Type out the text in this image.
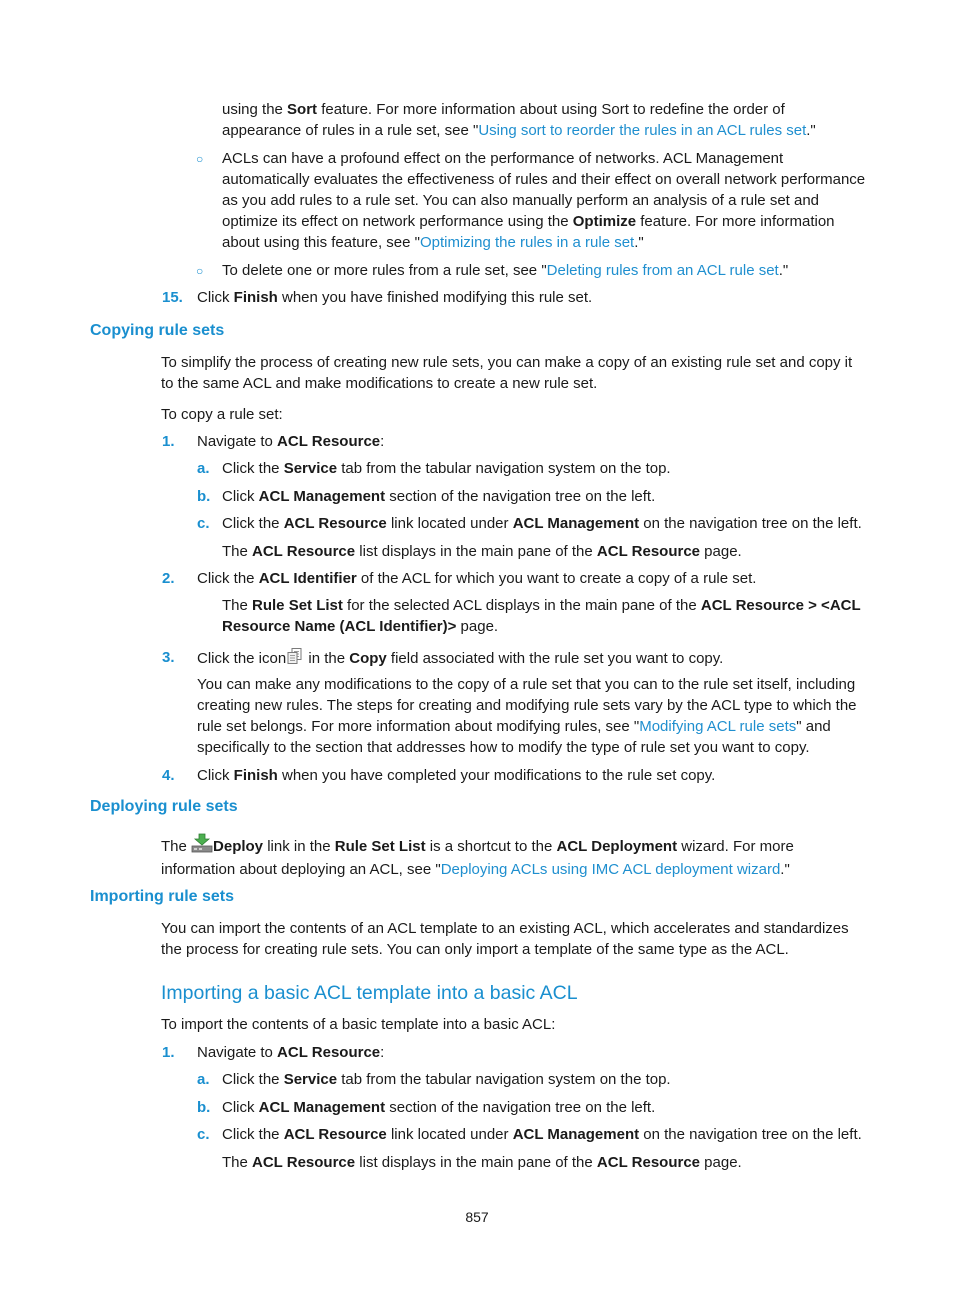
using the Sort feature. For more information about using Sort to redefine the order of appearance of rules in a rule set, see "Using sort to reorder the rules in an ACL rules set."

○ ACLs can have a profound effect on the performance of networks. ACL Management automatically evaluates the effectiveness of rules and their effect on overall network performance as you add rules to a rule set. You can also manually perform an analysis of a rule set and optimize its effect on network performance using the Optimize feature. For more information about using this feature, see "Optimizing the rules in a rule set."

○ To delete one or more rules from a rule set, see "Deleting rules from an ACL rule set."

15. Click Finish when you have finished modifying this rule set.

Copying rule sets

To simplify the process of creating new rule sets, you can make a copy of an existing rule set and copy it to the same ACL and make modifications to create a new rule set.

To copy a rule set:

1. Navigate to ACL Resource:

a. Click the Service tab from the tabular navigation system on the top.

b. Click ACL Management section of the navigation tree on the left.

c. Click the ACL Resource link located under ACL Management on the navigation tree on the left.

The ACL Resource list displays in the main pane of the ACL Resource page.

2. Click the ACL Identifier of the ACL for which you want to create a copy of a rule set.

The Rule Set List for the selected ACL displays in the main pane of the ACL Resource > <ACL Resource Name (ACL Identifier)> page.

3. Click the icon in the Copy field associated with the rule set you want to copy.

You can make any modifications to the copy of a rule set that you can to the rule set itself, including creating new rules. The steps for creating and modifying rule sets vary by the ACL type to which the rule set belongs. For more information about modifying rules, see "Modifying ACL rule sets" and specifically to the section that addresses how to modify the type of rule set you want to copy.

4. Click Finish when you have completed your modifications to the rule set copy.

Deploying rule sets

The Deploy link in the Rule Set List is a shortcut to the ACL Deployment wizard. For more information about deploying an ACL, see "Deploying ACLs using IMC ACL deployment wizard."

Importing rule sets

You can import the contents of an ACL template to an existing ACL, which accelerates and standardizes the process for creating rule sets. You can only import a template of the same type as the ACL.

Importing a basic ACL template into a basic ACL

To import the contents of a basic template into a basic ACL:

1. Navigate to ACL Resource:

a. Click the Service tab from the tabular navigation system on the top.

b. Click ACL Management section of the navigation tree on the left.

c. Click the ACL Resource link located under ACL Management on the navigation tree on the left.

The ACL Resource list displays in the main pane of the ACL Resource page.

857
